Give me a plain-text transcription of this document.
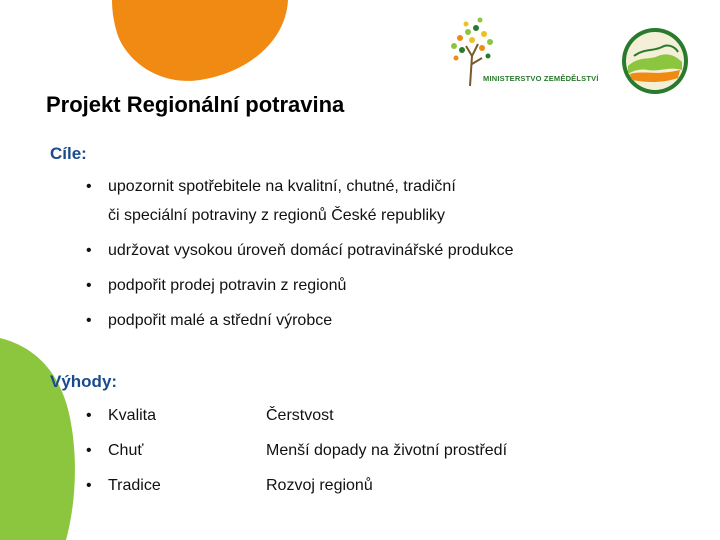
MINISTERSTVO ZEMĚDĚLSTVÍ
Projekt Regionální potravina
Cíle:
• upozornit spotřebitele na kvalitní, chutné, tradiční
či speciální potraviny z regionů České republiky
• udržovat vysokou úroveň domácí potravinářské produkce
• podpořit prodej potravin z regionů
• podpořit malé a střední výrobce
Výhody:
• Kvalita	Čerstvost
• Chuť	Menší dopady na životní prostředí
• Tradice	Rozvoj regionů
